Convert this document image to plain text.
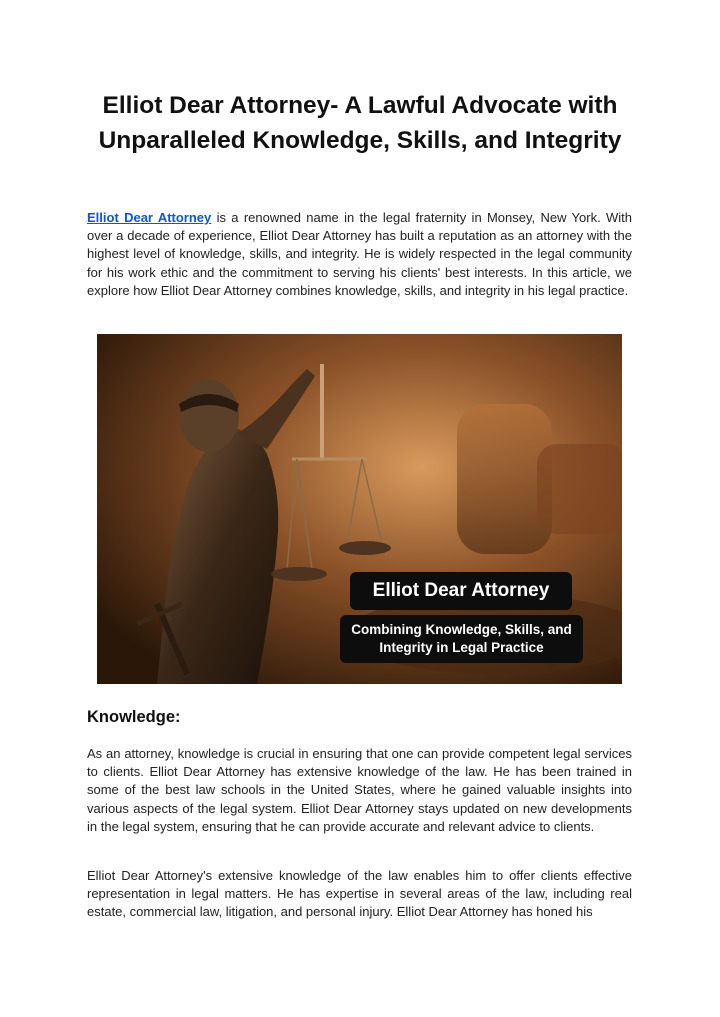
Elliot Dear Attorney- A Lawful Advocate with Unparalleled Knowledge, Skills, and Integrity

Elliot Dear Attorney is a renowned name in the legal fraternity in Monsey, New York. With over a decade of experience, Elliot Dear Attorney has built a reputation as an attorney with the highest level of knowledge, skills, and integrity. He is widely respected in the legal community for his work ethic and the commitment to serving his clients' best interests. In this article, we explore how Elliot Dear Attorney combines knowledge, skills, and integrity in his legal practice.

Elliot Dear Attorney
Combining Knowledge, Skills, and
Integrity in Legal Practice
Knowledge:

As an attorney, knowledge is crucial in ensuring that one can provide competent legal services to clients. Elliot Dear Attorney has extensive knowledge of the law. He has been trained in some of the best law schools in the United States, where he gained valuable insights into various aspects of the legal system. Elliot Dear Attorney stays updated on new developments in the legal system, ensuring that he can provide accurate and relevant advice to clients.

Elliot Dear Attorney's extensive knowledge of the law enables him to offer clients effective representation in legal matters. He has expertise in several areas of the law, including real estate, commercial law, litigation, and personal injury. Elliot Dear Attorney has honed his
